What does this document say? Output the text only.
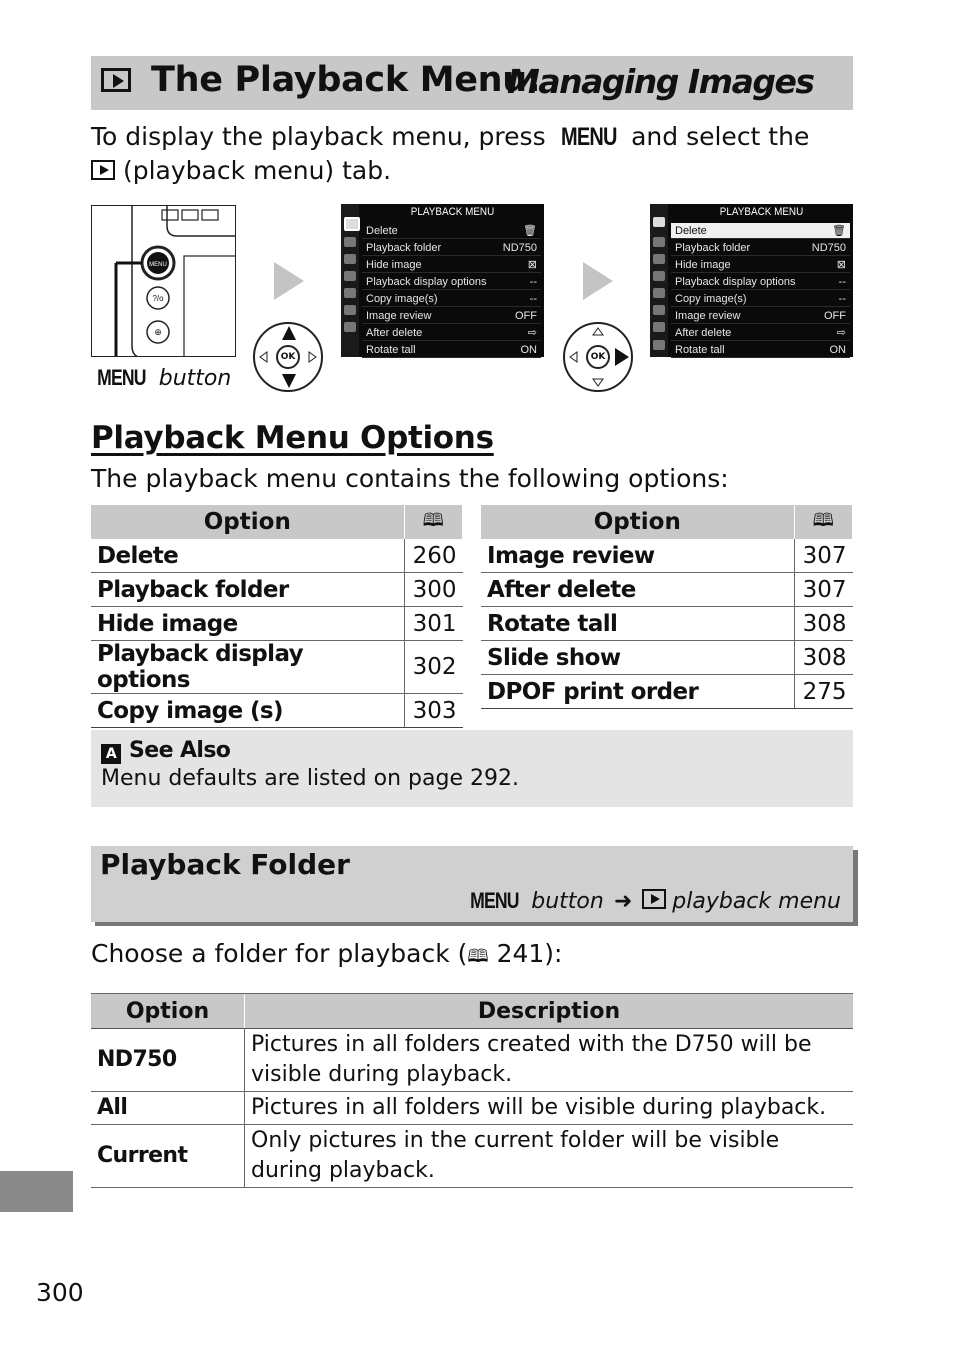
The Playback Menu:
Managing Images
To display the playback menu, press MENU and select the  (playback menu) tab.
MENU
?/o
⊕
MENU button
PLAYBACK MENU
Delete	🗑
Playback folder	ND750
Hide image	⊠
Playback display options	--
Copy image(s)	--
Image review	OFF
After delete	⇨
Rotate tall	ON
PLAYBACK MENU
Delete	🗑
Playback folder	ND750
Hide image	⊠
Playback display options	--
Copy image(s)	--
Image review	OFF
After delete	⇨
Rotate tall	ON
OK	OK
Playback Menu Options
The playback menu contains the following options:
Option	🕮
Delete	260
Playback folder	300
Hide image	301
Playback display options	302
Copy image (s)	303
Option	🕮
Image review	307
After delete	307
Rotate tall	308
Slide show	308
DPOF print order	275
A See Also
Menu defaults are listed on page 292.
Playback Folder
MENU button ➜ playback menu
Choose a folder for playback (🕮 241):
Option	Description
ND750	Pictures in all folders created with the D750 will be visible during playback.
All	Pictures in all folders will be visible during playback.
Current	Only pictures in the current folder will be visible during playback.
300
